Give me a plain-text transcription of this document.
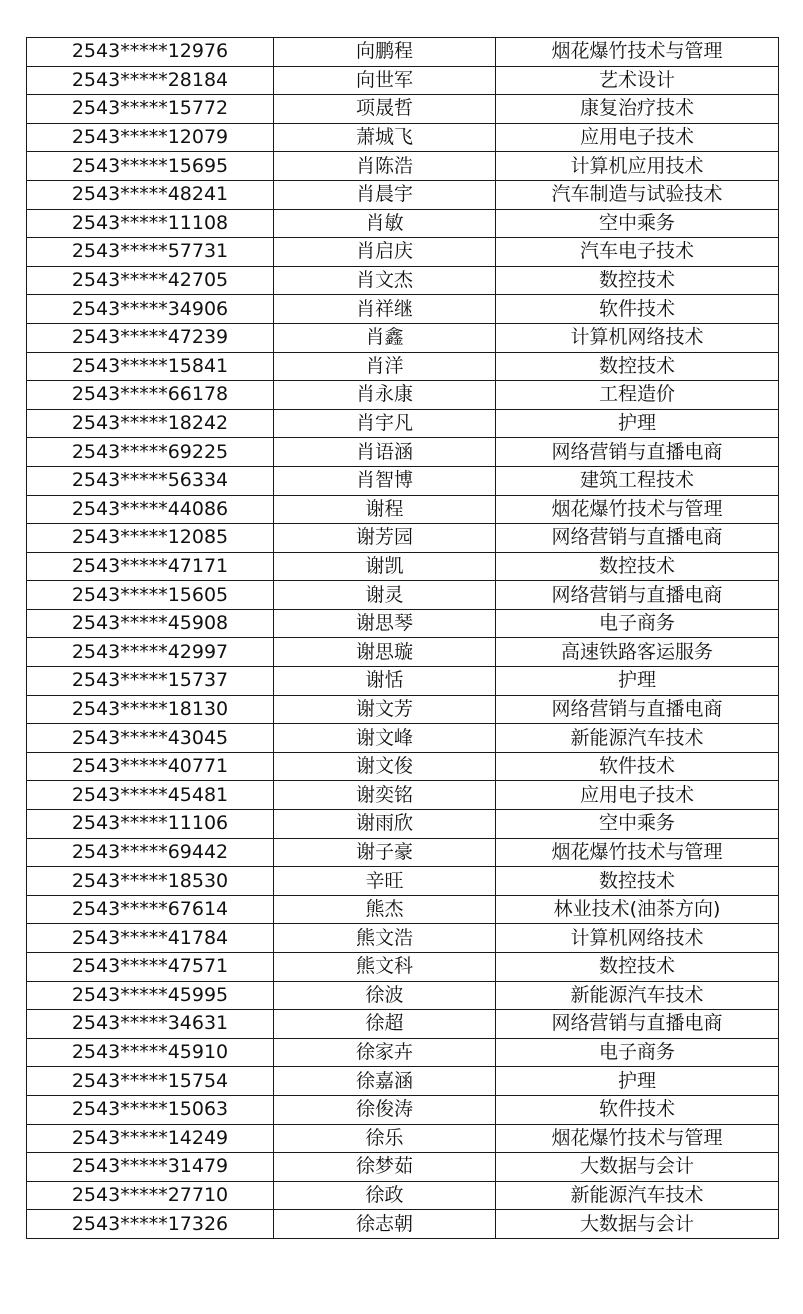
2543*****12976	向鹏程	烟花爆竹技术与管理
2543*****28184	向世军	艺术设计
2543*****15772	项晟哲	康复治疗技术
2543*****12079	萧城飞	应用电子技术
2543*****15695	肖陈浩	计算机应用技术
2543*****48241	肖晨宇	汽车制造与试验技术
2543*****11108	肖敏	空中乘务
2543*****57731	肖启庆	汽车电子技术
2543*****42705	肖文杰	数控技术
2543*****34906	肖祥继	软件技术
2543*****47239	肖鑫	计算机网络技术
2543*****15841	肖洋	数控技术
2543*****66178	肖永康	工程造价
2543*****18242	肖宇凡	护理
2543*****69225	肖语涵	网络营销与直播电商
2543*****56334	肖智博	建筑工程技术
2543*****44086	谢程	烟花爆竹技术与管理
2543*****12085	谢芳园	网络营销与直播电商
2543*****47171	谢凯	数控技术
2543*****15605	谢灵	网络营销与直播电商
2543*****45908	谢思琴	电子商务
2543*****42997	谢思璇	高速铁路客运服务
2543*****15737	谢恬	护理
2543*****18130	谢文芳	网络营销与直播电商
2543*****43045	谢文峰	新能源汽车技术
2543*****40771	谢文俊	软件技术
2543*****45481	谢奕铭	应用电子技术
2543*****11106	谢雨欣	空中乘务
2543*****69442	谢子豪	烟花爆竹技术与管理
2543*****18530	辛旺	数控技术
2543*****67614	熊杰	林业技术(油茶方向)
2543*****41784	熊文浩	计算机网络技术
2543*****47571	熊文科	数控技术
2543*****45995	徐波	新能源汽车技术
2543*****34631	徐超	网络营销与直播电商
2543*****45910	徐家卉	电子商务
2543*****15754	徐嘉涵	护理
2543*****15063	徐俊涛	软件技术
2543*****14249	徐乐	烟花爆竹技术与管理
2543*****31479	徐梦茹	大数据与会计
2543*****27710	徐政	新能源汽车技术
2543*****17326	徐志朝	大数据与会计
